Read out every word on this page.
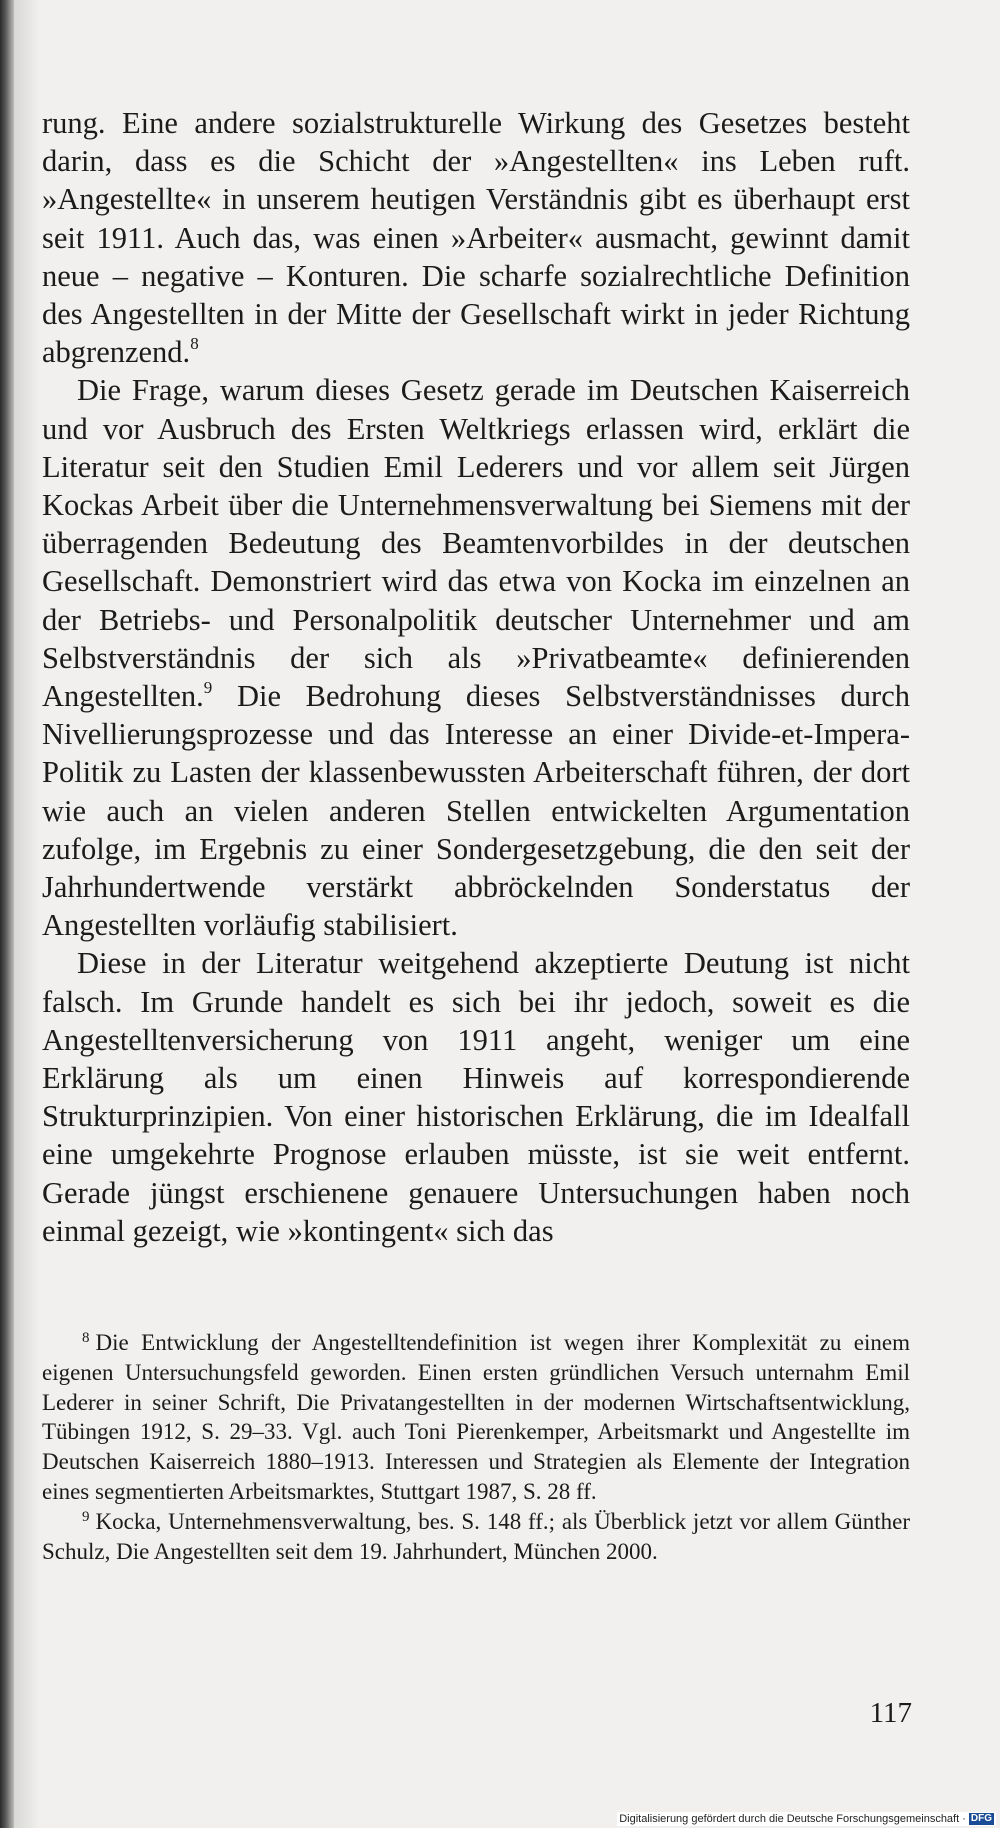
rung. Eine andere sozialstrukturelle Wirkung des Gesetzes besteht darin, dass es die Schicht der »Angestellten« ins Leben ruft. »Angestellte« in unserem heutigen Verständnis gibt es überhaupt erst seit 1911. Auch das, was einen »Arbeiter« ausmacht, gewinnt damit neue – negative – Konturen. Die scharfe sozialrechtliche Definition des Angestellten in der Mitte der Gesellschaft wirkt in jeder Richtung abgrenzend.$^8$

Die Frage, warum dieses Gesetz gerade im Deutschen Kaiserreich und vor Ausbruch des Ersten Weltkriegs erlassen wird, erklärt die Literatur seit den Studien Emil Lederers und vor allem seit Jürgen Kockas Arbeit über die Unternehmensverwaltung bei Siemens mit der überragenden Bedeutung des Beamtenvorbildes in der deutschen Gesellschaft. Demonstriert wird das etwa von Kocka im einzelnen an der Betriebs- und Personalpolitik deutscher Unternehmer und am Selbstverständnis der sich als »Privatbeamte« definierenden Angestellten.$^9$ Die Bedrohung dieses Selbstverständnisses durch Nivellierungsprozesse und das Interesse an einer Divide-et-Impera-Politik zu Lasten der klassenbewussten Arbeiterschaft führen, der dort wie auch an vielen anderen Stellen entwickelten Argumentation zufolge, im Ergebnis zu einer Sondergesetzgebung, die den seit der Jahrhundertwende verstärkt abbröckelnden Sonderstatus der Angestellten vorläufig stabilisiert.

Diese in der Literatur weitgehend akzeptierte Deutung ist nicht falsch. Im Grunde handelt es sich bei ihr jedoch, soweit es die Angestelltenversicherung von 1911 angeht, weniger um eine Erklärung als um einen Hinweis auf korrespondierende Strukturprinzipien. Von einer historischen Erklärung, die im Idealfall eine umgekehrte Prognose erlauben müsste, ist sie weit entfernt. Gerade jüngst erschienene genauere Untersuchungen haben noch einmal gezeigt, wie »kontingent« sich das

$^8$ Die Entwicklung der Angestelltendefinition ist wegen ihrer Komplexität zu einem eigenen Untersuchungsfeld geworden. Einen ersten gründlichen Versuch unternahm Emil Lederer in seiner Schrift, Die Privatangestellten in der modernen Wirtschaftsentwicklung, Tübingen 1912, S. 29–33. Vgl. auch Toni Pierenkemper, Arbeitsmarkt und Angestellte im Deutschen Kaiserreich 1880–1913. Interessen und Strategien als Elemente der Integration eines segmentierten Arbeitsmarktes, Stuttgart 1987, S. 28 ff.

$^9$ Kocka, Unternehmensverwaltung, bes. S. 148 ff.; als Überblick jetzt vor allem Günther Schulz, Die Angestellten seit dem 19. Jahrhundert, München 2000.

117
Digitalisierung gefördert durch die Deutsche Forschungsgemeinschaft · DFG
